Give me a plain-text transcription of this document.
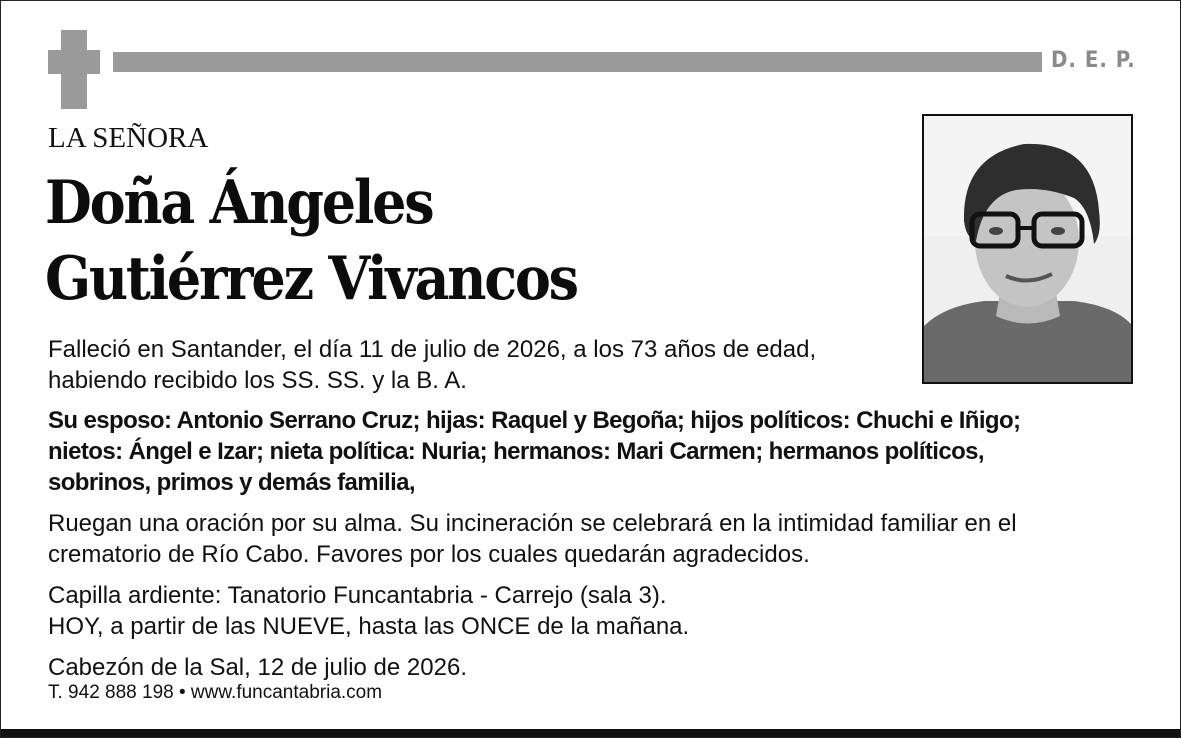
D. E. P.
LA SEÑORA
Doña Ángeles
Gutiérrez Vivancos
Falleció en Santander, el día 11 de julio de 2026, a los 73 años de edad,
habiendo recibido los SS. SS. y la B. A.
Su esposo: Antonio Serrano Cruz; hijas: Raquel y Begoña; hijos políticos: Chuchi e Iñigo;
nietos: Ángel e Izar; nieta política: Nuria; hermanos: Mari Carmen; hermanos políticos,
sobrinos, primos y demás familia,
Ruegan una oración por su alma. Su incineración se celebrará en la intimidad familiar en el
crematorio de Río Cabo. Favores por los cuales quedarán agradecidos.
Capilla ardiente: Tanatorio Funcantabria - Carrejo (sala 3).
HOY, a partir de las NUEVE, hasta las ONCE de la mañana.
Cabezón de la Sal, 12 de julio de 2026.
T. 942 888 198 • www.funcantabria.com
